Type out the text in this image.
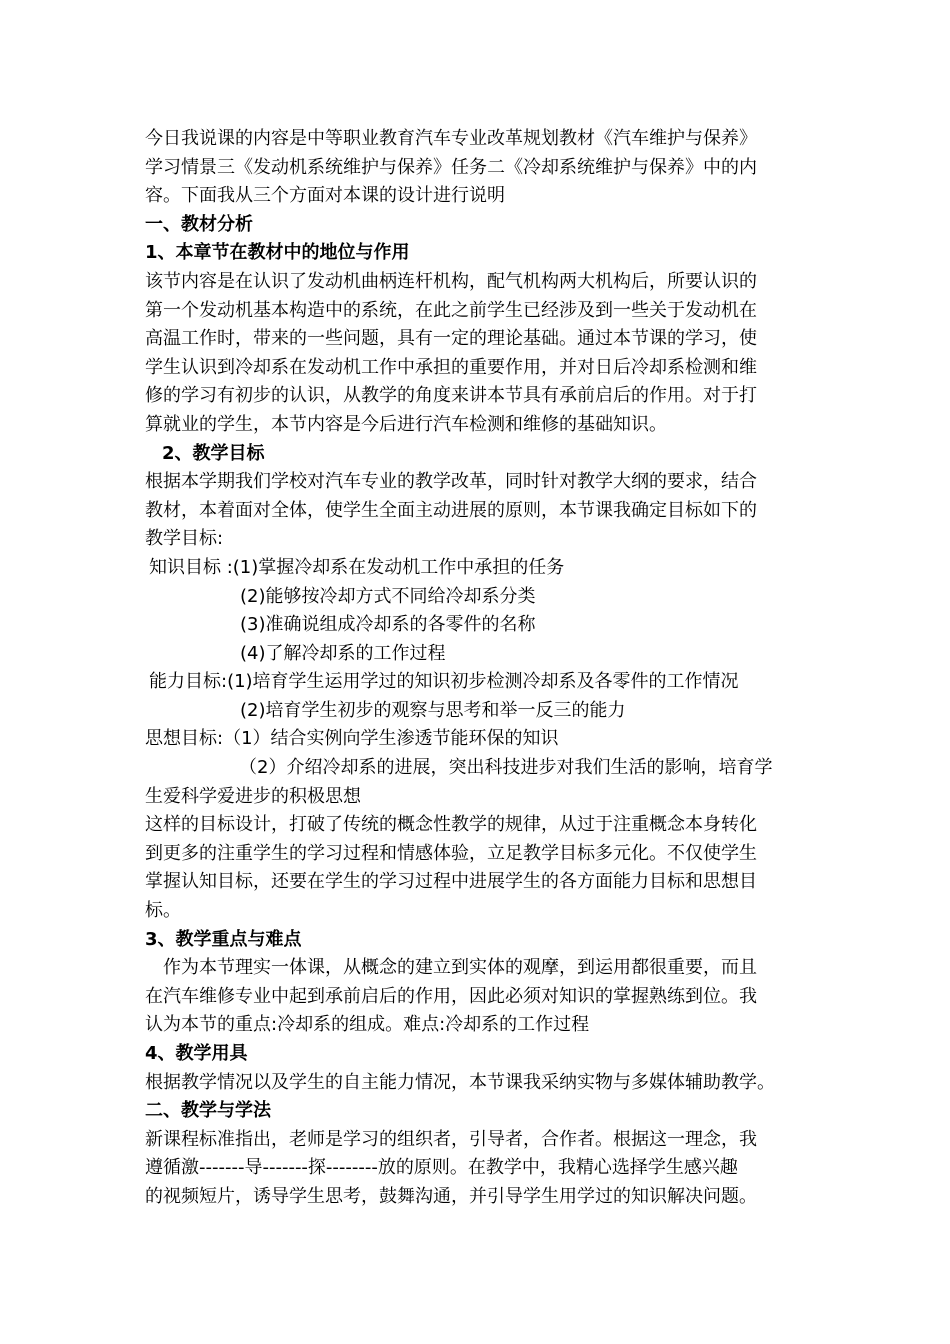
今日我说课的内容是中等职业教育汽车专业改革规划教材《汽车维护与保养》
学习情景三《发动机系统维护与保养》任务二《冷却系统维护与保养》中的内
容。下面我从三个方面对本课的设计进行说明
一、教材分析
1、本章节在教材中的地位与作用
该节内容是在认识了发动机曲柄连杆机构，配气机构两大机构后，所要认识的
第一个发动机基本构造中的系统，在此之前学生已经涉及到一些关于发动机在
高温工作时，带来的一些问题，具有一定的理论基础。通过本节课的学习，使
学生认识到冷却系在发动机工作中承担的重要作用，并对日后冷却系检测和维
修的学习有初步的认识，从教学的角度来讲本节具有承前启后的作用。对于打
算就业的学生，本节内容是今后进行汽车检测和维修的基础知识。
2、教学目标
根据本学期我们学校对汽车专业的教学改革，同时针对教学大纲的要求，结合
教材，本着面对全体，使学生全面主动进展的原则，本节课我确定目标如下的
教学目标:
知识目标 :(1)掌握冷却系在发动机工作中承担的任务
(2)能够按冷却方式不同给冷却系分类
(3)准确说组成冷却系的各零件的名称
(4)了解冷却系的工作过程
能力目标:(1)培育学生运用学过的知识初步检测冷却系及各零件的工作情况
(2)培育学生初步的观察与思考和举一反三的能力
思想目标:（1）结合实例向学生渗透节能环保的知识
（2）介绍冷却系的进展，突出科技进步对我们生活的影响，培育学
生爱科学爱进步的积极思想
这样的目标设计，打破了传统的概念性教学的规律，从过于注重概念本身转化
到更多的注重学生的学习过程和情感体验，立足教学目标多元化。不仅使学生
掌握认知目标，还要在学生的学习过程中进展学生的各方面能力目标和思想目
标。
3、教学重点与难点
作为本节理实一体课，从概念的建立到实体的观摩，到运用都很重要，而且
在汽车维修专业中起到承前启后的作用，因此必须对知识的掌握熟练到位。我
认为本节的重点:冷却系的组成。难点:冷却系的工作过程
4、教学用具
根据教学情况以及学生的自主能力情况，本节课我采纳实物与多媒体辅助教学。
二、教学与学法
新课程标准指出，老师是学习的组织者，引导者，合作者。根据这一理念，我
遵循激-------导-------探--------放的原则。在教学中，我精心选择学生感兴趣
的视频短片，诱导学生思考，鼓舞沟通，并引导学生用学过的知识解决问题。
